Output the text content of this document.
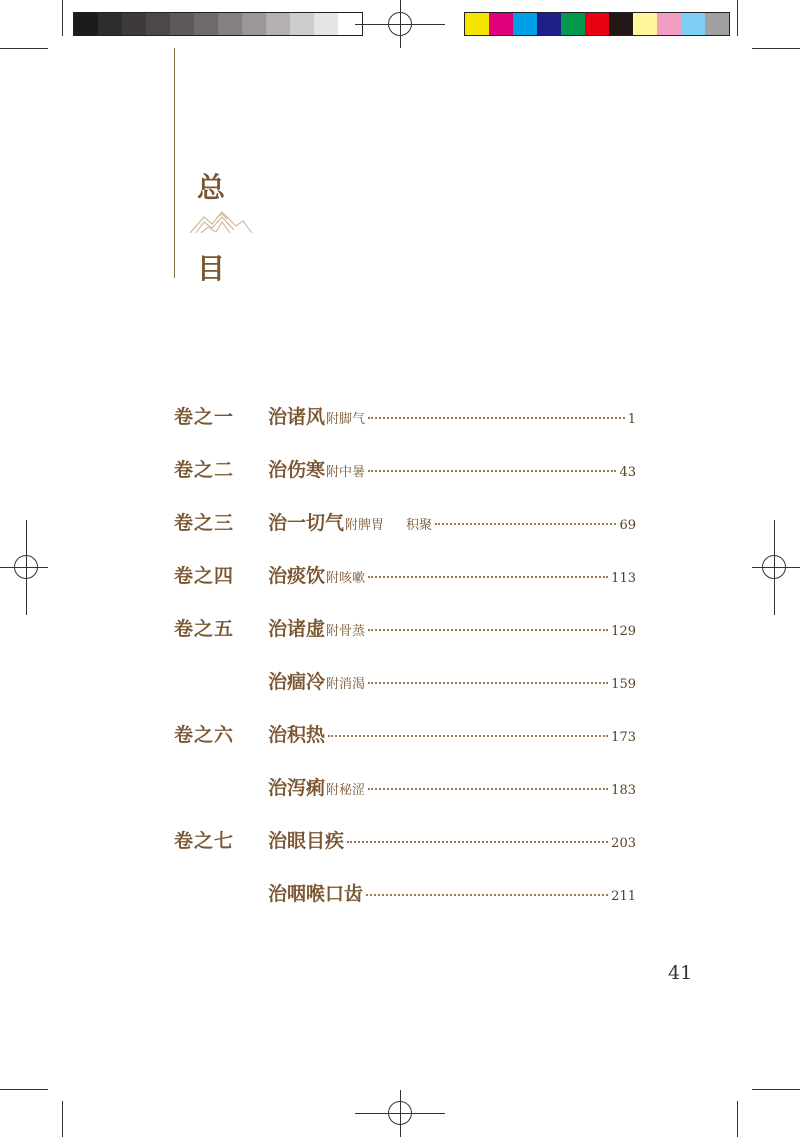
总
目
卷之一	治诸风 附脚气	1
卷之二	治伤寒 附中暑	43
卷之三	治一切气 附脾胃 积聚	69
卷之四	治痰饮 附咳嗽	113
卷之五	治诸虚 附骨蒸	129
治痼冷 附消渴	159
卷之六	治积热	173
治泻痢 附秘涩	183
卷之七	治眼目疾	203
治咽喉口齿	211
41
